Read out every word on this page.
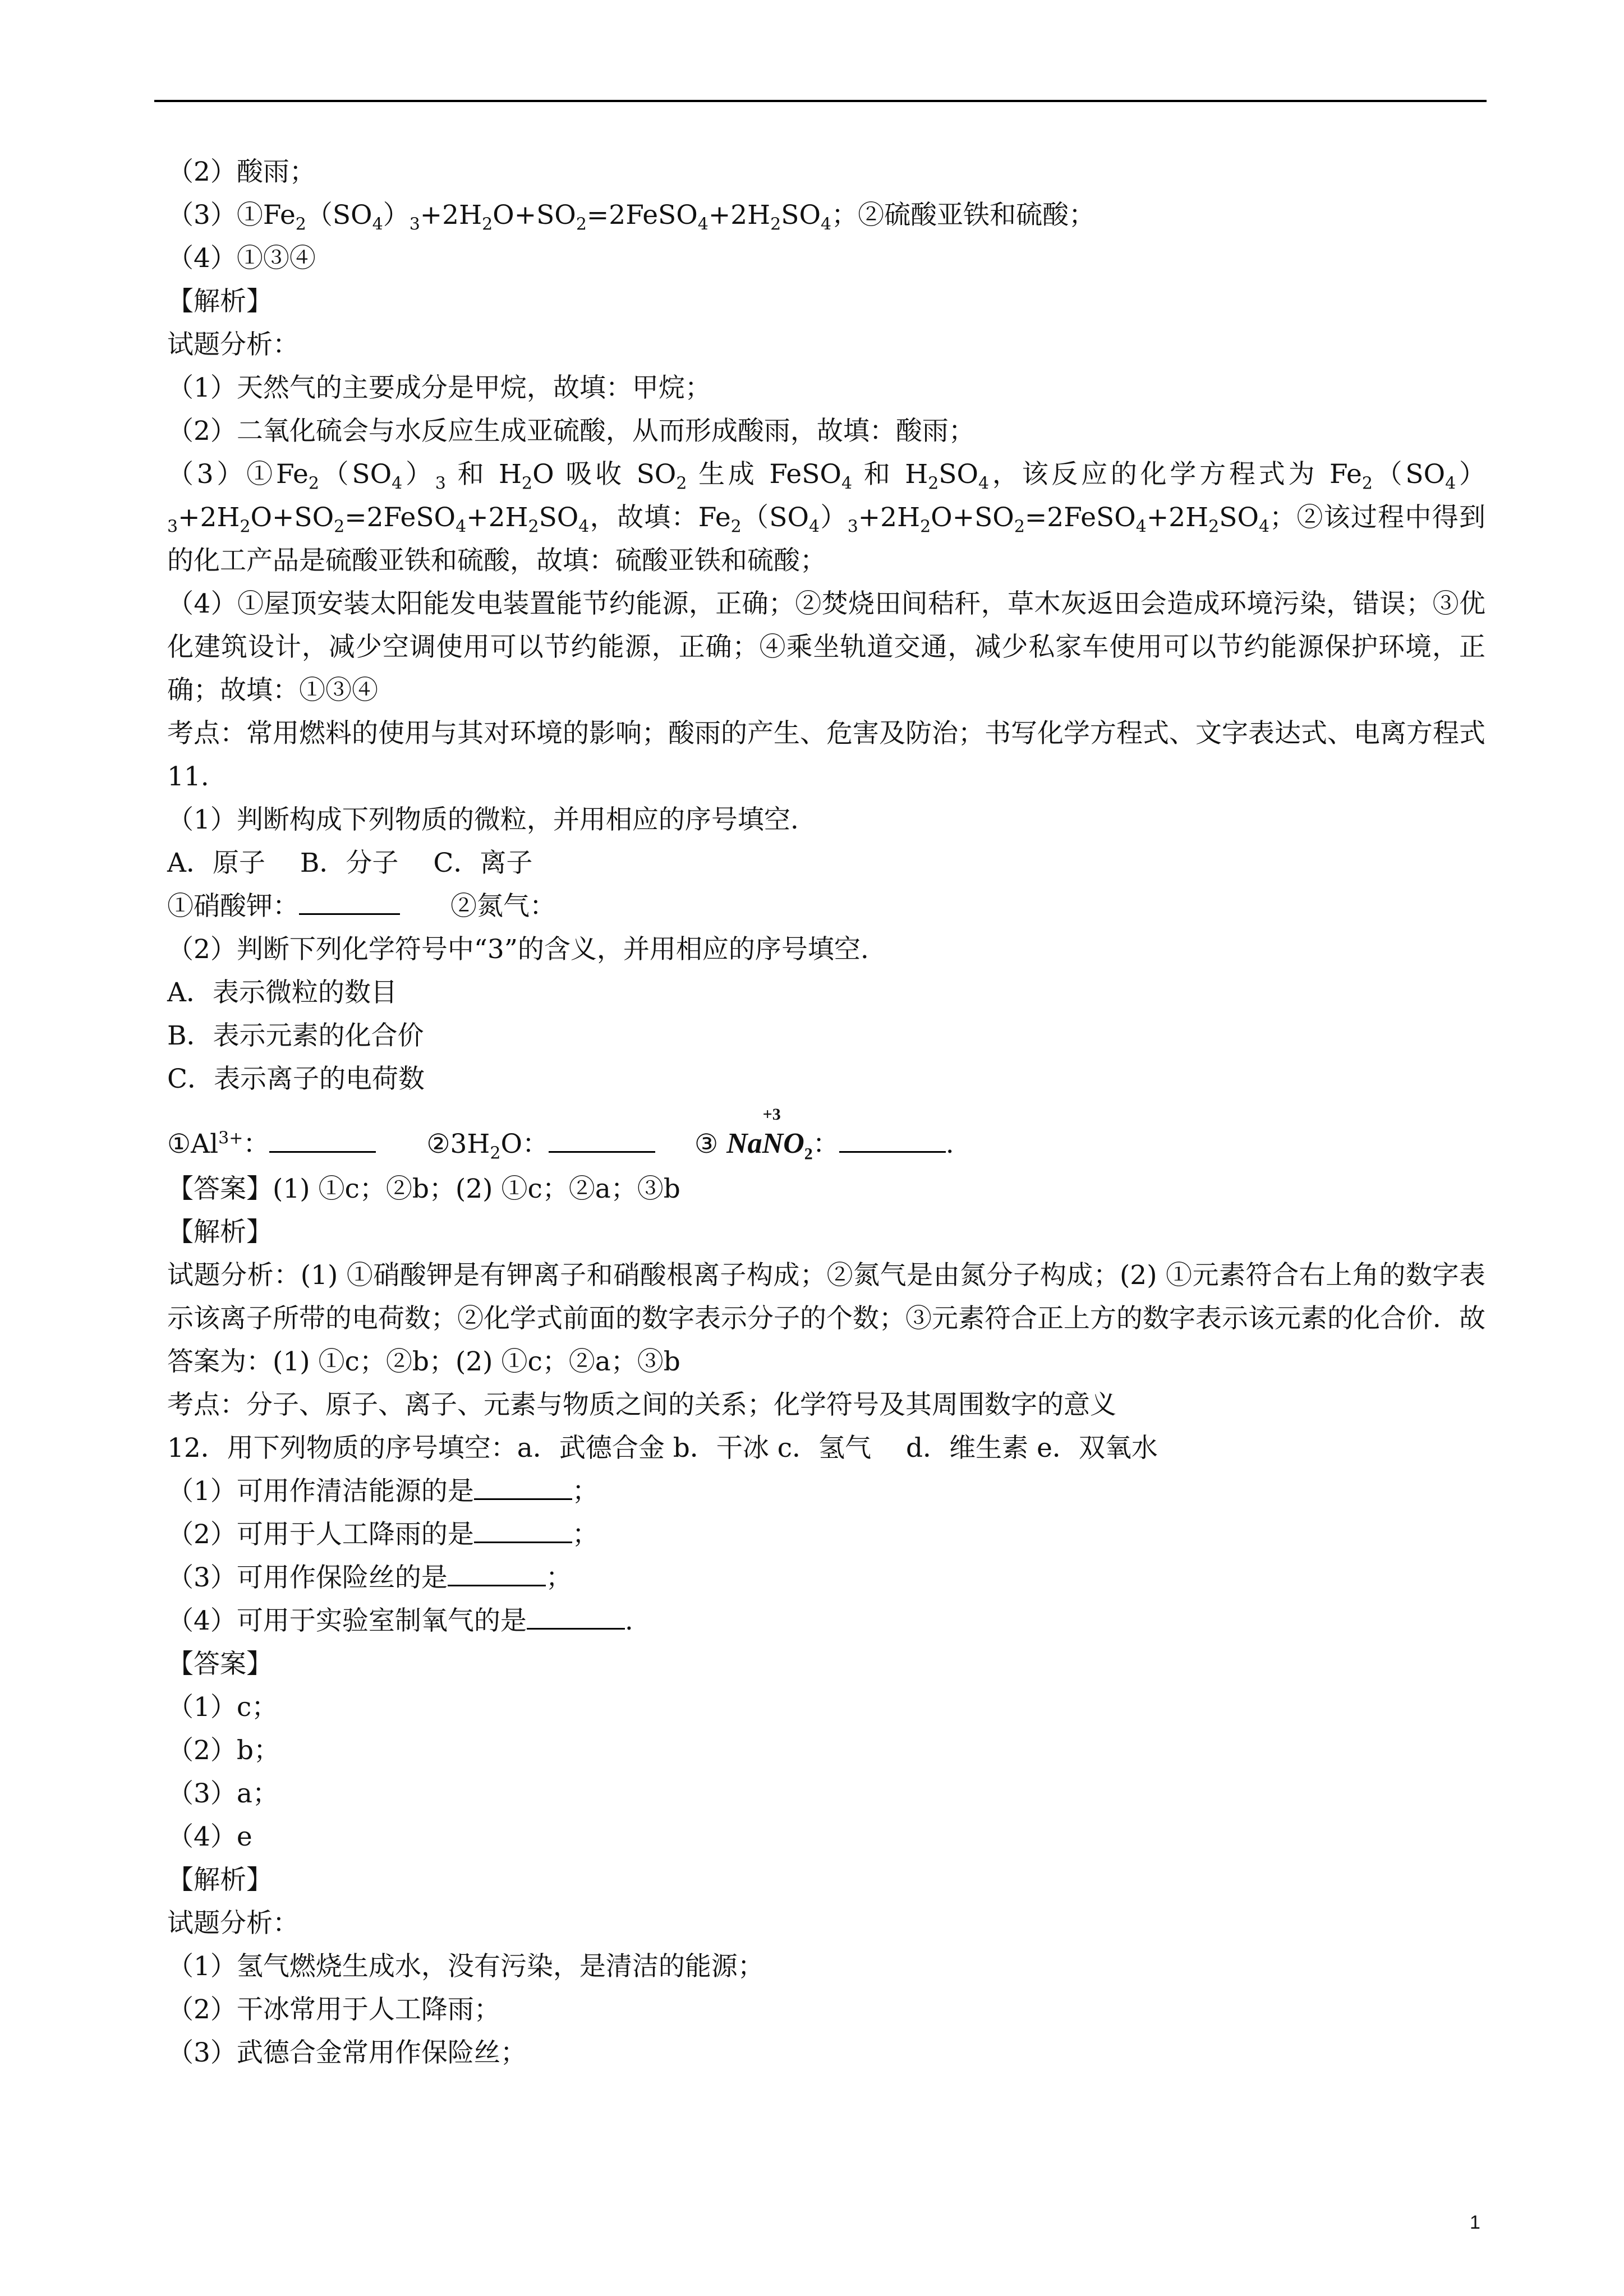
（2）酸雨；
$(3)①Fe_2(SO_4)_3+2H_2O+SO_2=2FeSO_4+2H_2SO_4$；②硫酸亚铁和硫酸；
（4）①③④
【解析】
试题分析：
（1）天然气的主要成分是甲烷，故填：甲烷；
（2）二氧化硫会与水反应生成亚硫酸，从而形成酸雨，故填：酸雨；
$(3)①Fe_2(SO_4)_3$ 和 $H_2O$ 吸收 $SO_2$ 生成 FeSO$_4$ 和 $H_2SO_4$，该反应的化学方程式为 $Fe_2(SO_4)_3+2H_2O+SO_2=2FeSO_4+2H_2SO_4$，故填：$Fe_2(SO_4)_3+2H_2O+SO_2=2FeSO_4+2H_2SO_4$；②该过程中得到的化工产品是硫酸亚铁和硫酸，故填：硫酸亚铁和硫酸；
（4）①屋顶安装太阳能发电装置能节约能源，正确；②焚烧田间秸秆，草木灰返田会造成环境污染，错误；③优化建筑设计，减少空调使用可以节约能源，正确；④乘坐轨道交通，减少私家车使用可以节约能源保护环境，正确；故填：①③④
考点：常用燃料的使用与其对环境的影响；酸雨的产生、危害及防治；书写化学方程式、文字表达式、电离方程式
11.
（1）判断构成下列物质的微粒，并用相应的序号填空.
A．原子　 B．分子　 C．离子
①硝酸钾：	②氮气：
（2）判断下列化学符号中“3”的含义，并用相应的序号填空.
A．表示微粒的数目
B．表示元素的化合价
C．表示离子的电荷数
$①Al^{3+}$：	$②3H_2O$：	③ Na
+3
$NO_2$：	.
【答案】(1) ①c；②b；(2) ①c；②a；③b
【解析】
试题分析：(1) ①硝酸钾是有钾离子和硝酸根离子构成；②氮气是由氮分子构成；(2) ①元素符合右上角的数字表示该离子所带的电荷数；②化学式前面的数字表示分子的个数；③元素符合正上方的数字表示该元素的化合价．故答案为：(1) ①c；②b；(2) ①c；②a；③b
考点：分子、原子、离子、元素与物质之间的关系；化学符号及其周围数字的意义
12．用下列物质的序号填空：a．武德合金 b．干冰 c．氢气　 d．维生素 e．双氧水
（1）可用作清洁能源的是	；
（2）可用于人工降雨的是	；
（3）可用作保险丝的是	；
（4）可用于实验室制氧气的是	.
【答案】
（1）c；
（2）b；
（3）a；
（4）e
【解析】
试题分析：
（1）氢气燃烧生成水，没有污染，是清洁的能源；
（2）干冰常用于人工降雨；
（3）武德合金常用作保险丝；
1
